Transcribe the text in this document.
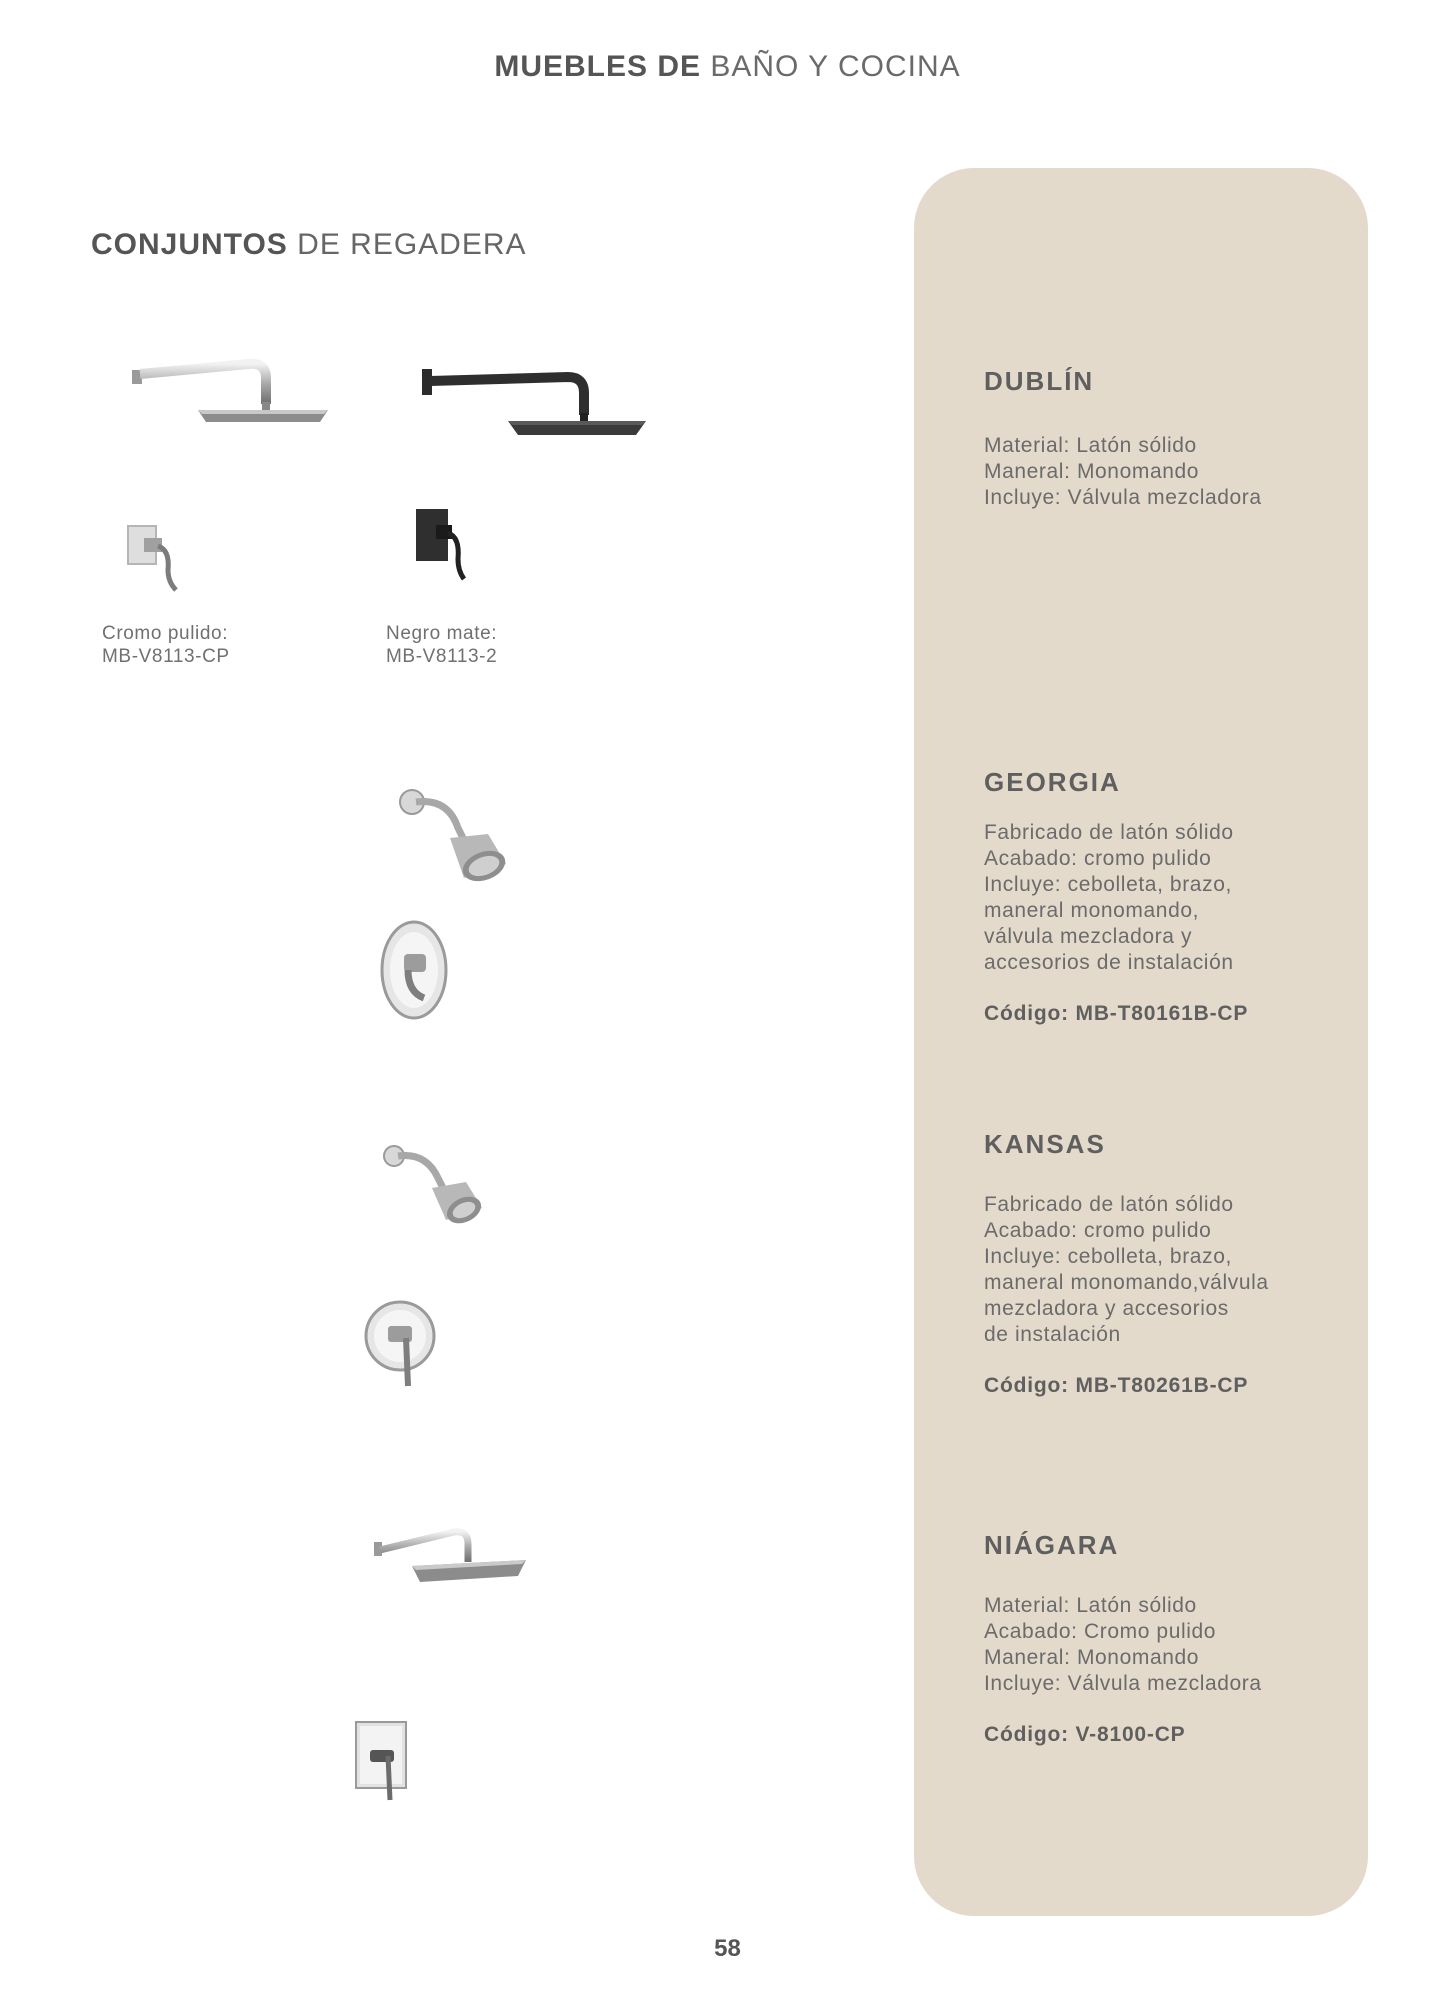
MUEBLES DE BAÑO Y COCINA
CONJUNTOS DE REGADERA
Cromo pulido:
MB-V8113-CP
Negro mate:
MB-V8113-2
DUBLÍN
Material: Latón sólido
Maneral: Monomando
Incluye: Válvula mezcladora
GEORGIA
Fabricado de latón sólido
Acabado: cromo pulido
Incluye: cebolleta, brazo,
maneral monomando,
válvula mezcladora y
accesorios de instalación
Código: MB-T80161B-CP
KANSAS
Fabricado de latón sólido
Acabado: cromo pulido
Incluye: cebolleta, brazo,
maneral monomando,válvula
mezcladora y accesorios
de instalación
Código: MB-T80261B-CP
NIÁGARA
Material: Latón sólido
Acabado: Cromo pulido
Maneral: Monomando
Incluye: Válvula mezcladora
Código: V-8100-CP
58
